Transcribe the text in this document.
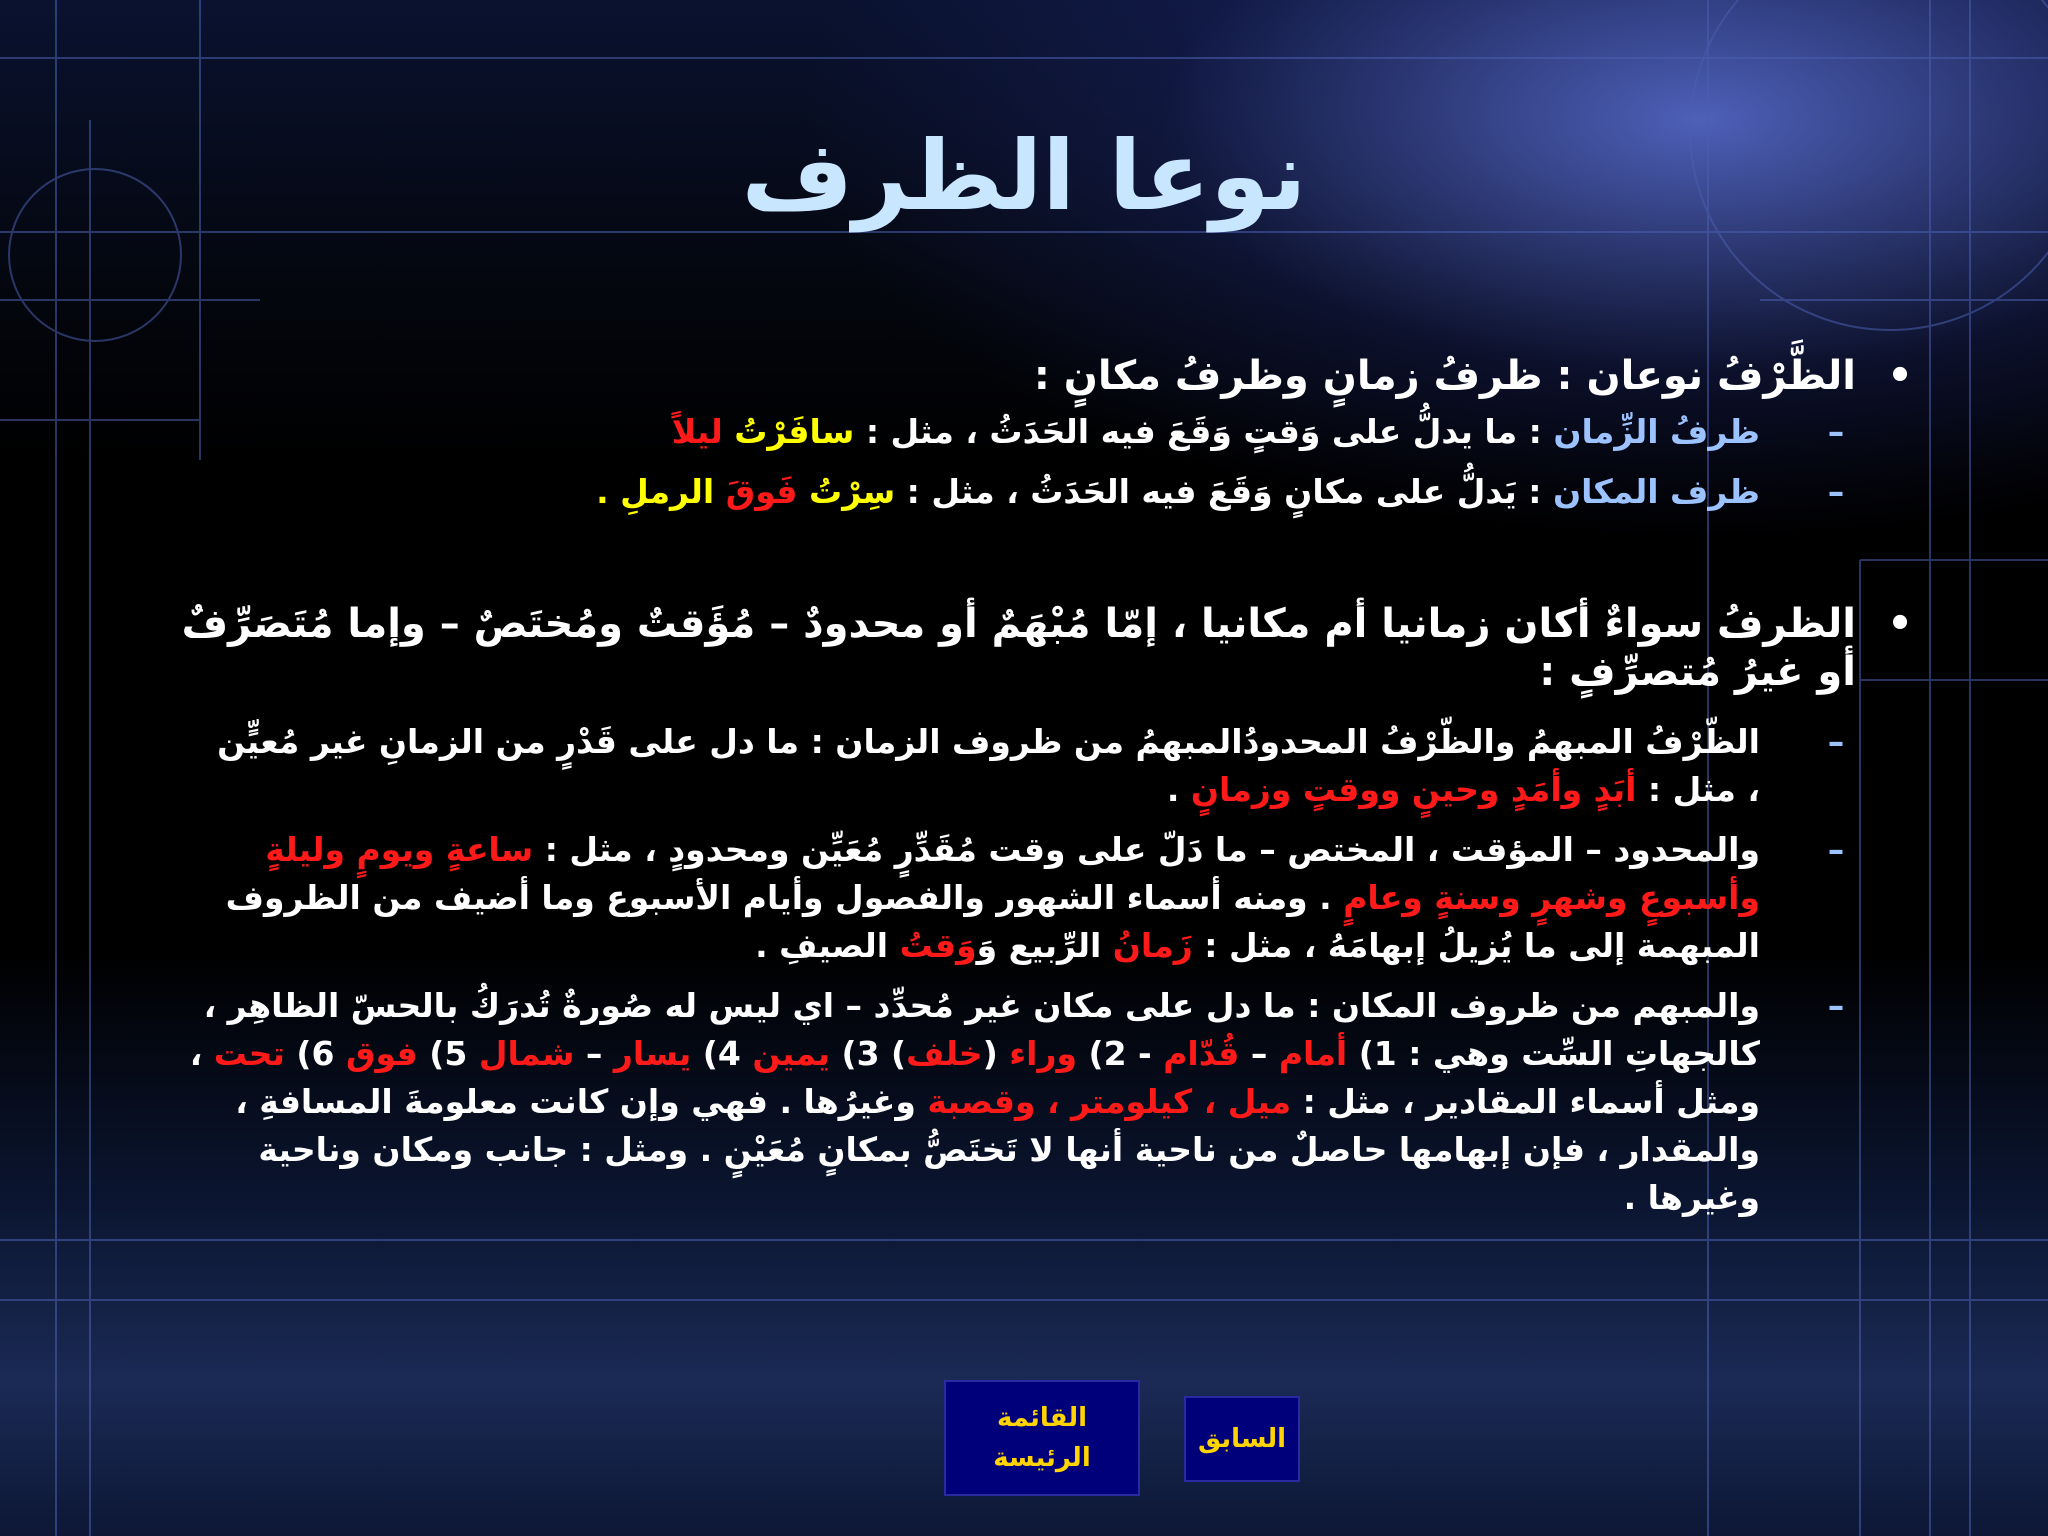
نوعا الظرف
•
الظَّرْفُ نوعان : ظرفُ زمانٍ وظرفُ مكانٍ :
–
ظرفُ الزِّمان : ما يدلُّ على وَقتٍ وَقَعَ فيه الحَدَثُ ، مثل : سافَرْتُ ليلاً
–
ظرف المكان : يَدلُّ على مكانٍ وَقَعَ فيه الحَدَثُ ، مثل : سِرْتُ فَوقَ الرملِ .
•
الظرفُ سواءٌ أكان زمانيا أم مكانيا ، إمّا مُبْهَمٌ أو محدودٌ – مُؤَقتٌ ومُختَصٌ – وإما مُتَصَرِّفٌ أو غيرُ مُتصرِّفٍ :
–
الظّرْفُ المبهمُ والظّرْفُ المحدودُالمبهمُ من ظروف الزمان : ما دل على قَدْرٍ من الزمانِ غير مُعيٍّن ، مثل : أبَدٍ وأمَدٍ وحينٍ ووقتٍ وزمانٍ .
–
والمحدود – المؤقت ، المختص – ما دَلّ على وقت مُقَدِّرٍ مُعَيِّن ومحدودٍ ، مثل : ساعةٍ ويومٍ وليلةٍ وأسبوعٍ وشهرٍ وسنةٍ وعامٍ . ومنه أسماء الشهور والفصول وأيام الأسبوع وما أضيف من الظروف المبهمة إلى ما يُزيلُ إبهامَهُ ، مثل : زَمانُ الرِّبيع وَوَقتُ الصيفِ .
–
والمبهم من ظروف المكان : ما دل على مكان غير مُحدِّد – اي ليس له صُورةٌ تُدرَكُ بالحسّ الظاهِر ، كالجهاتِ السِّت وهي : 1) أمام – قُدّام - 2) وراء (خلف) 3) يمين 4) يسار – شمال 5) فوق 6) تحت ، ومثل أسماء المقادير ، مثل : ميل ، كيلومتر ، وقصبة وغيرُها . فهي وإن كانت معلومةَ المسافةِ ، والمقدار ، فإن إبهامها حاصلٌ من ناحية أنها لا تَختَصُّ بمكانٍ مُعَيْنٍ . ومثل : جانب ومكان وناحية وغيرها .
القائمة
الرئيسة
السابق
